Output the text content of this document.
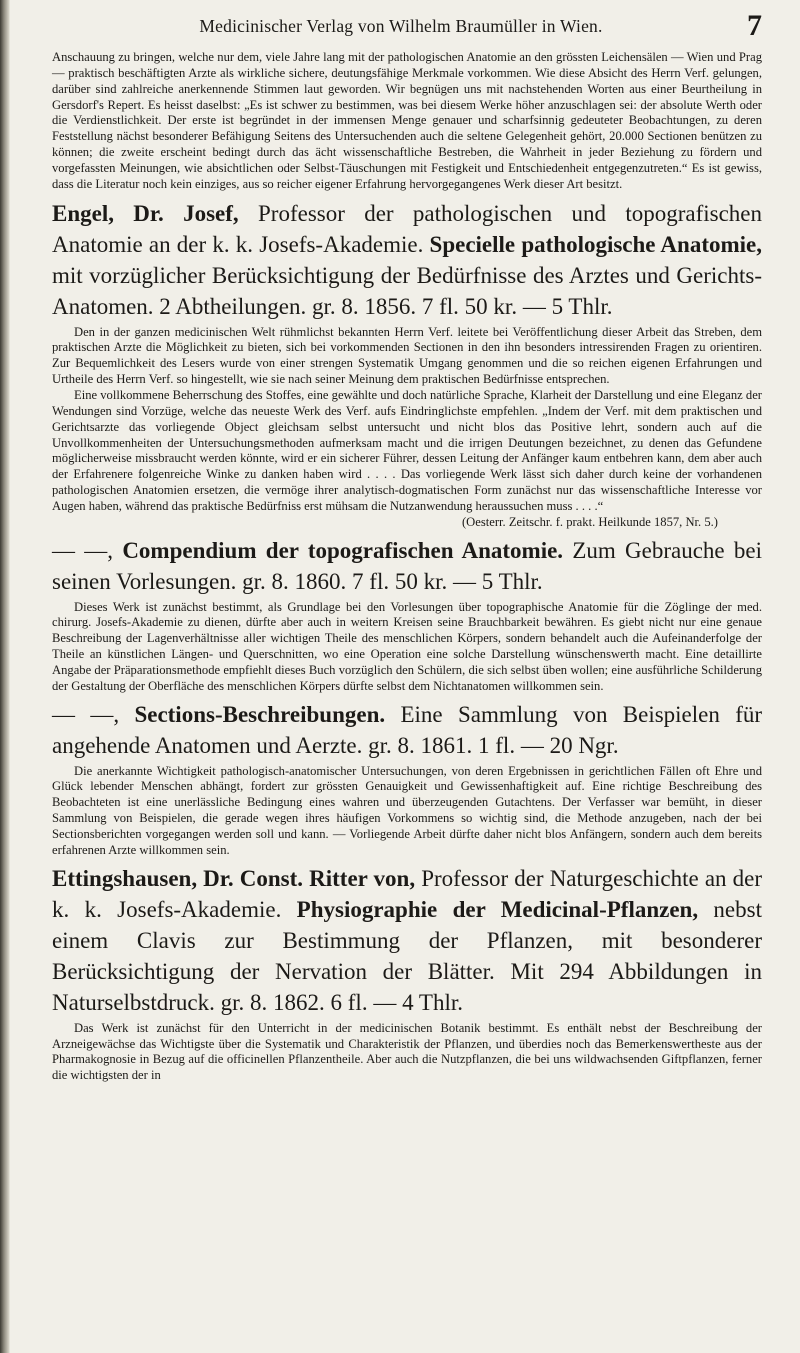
Medicinischer Verlag von Wilhelm Braumüller in Wien.	7

Anschauung zu bringen, welche nur dem, viele Jahre lang mit der pathologischen Anatomie an den grössten Leichensälen — Wien und Prag — praktisch beschäftigten Arzte als wirkliche sichere, deutungsfähige Merkmale vorkommen. Wie diese Absicht des Herrn Verf. gelungen, darüber sind zahlreiche anerkennende Stimmen laut geworden. Wir begnügen uns mit nachstehenden Worten aus einer Beurtheilung in Gersdorf's Repert. Es heisst daselbst: „Es ist schwer zu bestimmen, was bei diesem Werke höher anzuschlagen sei: der absolute Werth oder die Verdienstlichkeit. Der erste ist begründet in der immensen Menge genauer und scharfsinnig gedeuteter Beobachtungen, zu deren Feststellung nächst besonderer Befähigung Seitens des Untersuchenden auch die seltene Gelegenheit gehört, 20.000 Sectionen benützen zu können; die zweite erscheint bedingt durch das ächt wissenschaftliche Bestreben, die Wahrheit in jeder Beziehung zu fördern und vorgefassten Meinungen, wie absichtlichen oder Selbst-Täuschungen mit Festigkeit und Entschiedenheit entgegenzutreten.“ Es ist gewiss, dass die Literatur noch kein einziges, aus so reicher eigener Erfahrung hervorgegangenes Werk dieser Art besitzt.

Engel, Dr. Josef, Professor der pathologischen und topografischen Anatomie an der k. k. Josefs-Akademie. Specielle pathologische Anatomie, mit vorzüglicher Berücksichtigung der Bedürfnisse des Arztes und Gerichts-Anatomen. 2 Abtheilungen. gr. 8. 1856. 7 fl. 50 kr. — 5 Thlr.

Den in der ganzen medicinischen Welt rühmlichst bekannten Herrn Verf. leitete bei Veröffentlichung dieser Arbeit das Streben, dem praktischen Arzte die Möglichkeit zu bieten, sich bei vorkommenden Sectionen in den ihn besonders intressirenden Fragen zu orientiren. Zur Bequemlichkeit des Lesers wurde von einer strengen Systematik Umgang genommen und die so reichen eigenen Erfahrungen und Urtheile des Herrn Verf. so hingestellt, wie sie nach seiner Meinung dem praktischen Bedürfnisse entsprechen.

Eine vollkommene Beherrschung des Stoffes, eine gewählte und doch natürliche Sprache, Klarheit der Darstellung und eine Eleganz der Wendungen sind Vorzüge, welche das neueste Werk des Verf. aufs Eindringlichste empfehlen. „Indem der Verf. mit dem praktischen und Gerichtsarzte das vorliegende Object gleichsam selbst untersucht und nicht blos das Positive lehrt, sondern auch auf die Unvollkommenheiten der Untersuchungsmethoden aufmerksam macht und die irrigen Deutungen bezeichnet, zu denen das Gefundene möglicherweise missbraucht werden könnte, wird er ein sicherer Führer, dessen Leitung der Anfänger kaum entbehren kann, dem aber auch der Erfahrenere folgenreiche Winke zu danken haben wird . . . . Das vorliegende Werk lässt sich daher durch keine der vorhandenen pathologischen Anatomien ersetzen, die vermöge ihrer analytisch-dogmatischen Form zunächst nur das wissenschaftliche Interesse vor Augen haben, während das praktische Bedürfniss erst mühsam die Nutzanwendung heraussuchen muss . . . .“

(Oesterr. Zeitschr. f. prakt. Heilkunde 1857, Nr. 5.)

— —, Compendium der topografischen Anatomie. Zum Gebrauche bei seinen Vorlesungen. gr. 8. 1860. 7 fl. 50 kr. — 5 Thlr.

Dieses Werk ist zunächst bestimmt, als Grundlage bei den Vorlesungen über topographische Anatomie für die Zöglinge der med. chirurg. Josefs-Akademie zu dienen, dürfte aber auch in weitern Kreisen seine Brauchbarkeit bewähren. Es giebt nicht nur eine genaue Beschreibung der Lagenverhältnisse aller wichtigen Theile des menschlichen Körpers, sondern behandelt auch die Aufeinanderfolge der Theile an künstlichen Längen- und Querschnitten, wo eine Operation eine solche Darstellung wünschenswerth macht. Eine detaillirte Angabe der Präparationsmethode empfiehlt dieses Buch vorzüglich den Schülern, die sich selbst üben wollen; eine ausführliche Schilderung der Gestaltung der Oberfläche des menschlichen Körpers dürfte selbst dem Nichtanatomen willkommen sein.

— —, Sections-Beschreibungen. Eine Sammlung von Beispielen für angehende Anatomen und Aerzte. gr. 8. 1861. 1 fl. — 20 Ngr.

Die anerkannte Wichtigkeit pathologisch-anatomischer Untersuchungen, von deren Ergebnissen in gerichtlichen Fällen oft Ehre und Glück lebender Menschen abhängt, fordert zur grössten Genauigkeit und Gewissenhaftigkeit auf. Eine richtige Beschreibung des Beobachteten ist eine unerlässliche Bedingung eines wahren und überzeugenden Gutachtens. Der Verfasser war bemüht, in dieser Sammlung von Beispielen, die gerade wegen ihres häufigen Vorkommens so wichtig sind, die Methode anzugeben, nach der bei Sectionsberichten vorgegangen werden soll und kann. — Vorliegende Arbeit dürfte daher nicht blos Anfängern, sondern auch dem bereits erfahrenen Arzte willkommen sein.

Ettingshausen, Dr. Const. Ritter von, Professor der Naturgeschichte an der k. k. Josefs-Akademie. Physiographie der Medicinal-Pflanzen, nebst einem Clavis zur Bestimmung der Pflanzen, mit besonderer Berücksichtigung der Nervation der Blätter. Mit 294 Abbildungen in Naturselbstdruck. gr. 8. 1862. 6 fl. — 4 Thlr.

Das Werk ist zunächst für den Unterricht in der medicinischen Botanik bestimmt. Es enthält nebst der Beschreibung der Arzneigewächse das Wichtigste über die Systematik und Charakteristik der Pflanzen, und überdies noch das Bemerkenswertheste aus der Pharmakognosie in Bezug auf die officinellen Pflanzentheile. Aber auch die Nutzpflanzen, die bei uns wildwachsenden Giftpflanzen, ferner die wichtigsten der in
